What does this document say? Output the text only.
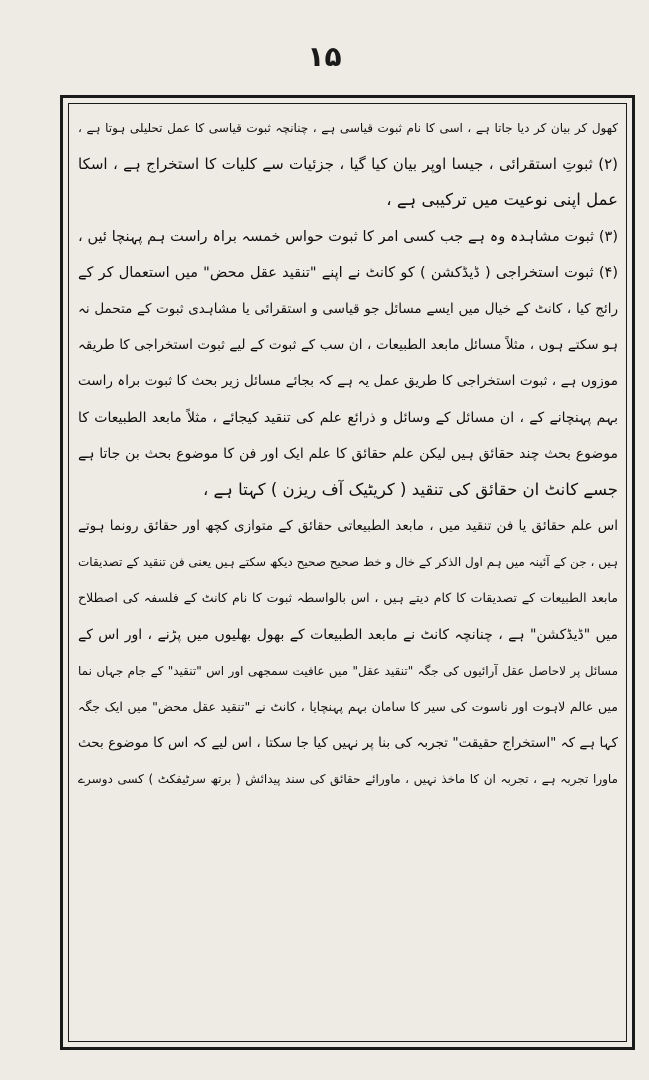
۱۵
کھول کر بیان کر دیا جاتا ہے ، اسی کا نام ثبوت قیاسی ہے ، چنانچہ ثبوت قیاسی کا عمل تحلیلی ہوتا ہے ،
(۲) ثبوتِ استقرائی ، جیسا اوپر بیان کیا گیا ، جزئیات سے کلیات کا استخراج ہے ، اسکا
عمل اپنی نوعیت میں ترکیبی ہے ،
(۳) ثبوت مشاہدہ وہ ہے جب کسی امر کا ثبوت حواس خمسہ براہ راست ہم پہنچا ئیں ،
(۴) ثبوت استخراجی ( ڈیڈکشن ) کو کانٹ نے اپنے "تنقید عقل محض" میں استعمال کر کے
رائج کیا ، کانٹ کے خیال میں ایسے مسائل جو قیاسی و استقرائی یا مشاہدی ثبوت کے متحمل نہ
ہو سکتے ہوں ، مثلاً مسائل مابعد الطبیعات ، ان سب کے ثبوت کے لیے ثبوت استخراجی کا طریقہ
موزوں ہے ، ثبوت استخراجی کا طریق عمل یہ ہے کہ بجائے مسائل زیر بحث کا ثبوت براہ راست
بہم پہنچانے کے ، ان مسائل کے وسائل و ذرائع علم کی تنقید کیجائے ، مثلاً مابعد الطبیعات کا
موضوع بحث چند حقائق ہیں لیکن علم حقائق کا علم ایک اور فن کا موضوع بحث بن جاتا ہے
جسے کانٹ ان حقائق کی تنقید ( کریٹیک آف ریزن ) کہتا ہے ،
اس علم حقائق یا فن تنقید میں ، مابعد الطبیعاتی حقائق کے متوازی کچھ اور حقائق رونما ہوتے
ہیں ، جن کے آئینہ میں ہم اول الذکر کے خال و خط صحیح صحیح دیکھ سکتے ہیں یعنی فن تنقید کے تصدیقات
مابعد الطبیعات کے تصدیقات کا کام دیتے ہیں ، اس بالواسطہ ثبوت کا نام کانٹ کے فلسفہ کی اصطلاح
میں "ڈیڈکشن" ہے ، چنانچہ کانٹ نے مابعد الطبیعات کے بھول بھلیوں میں پڑنے ، اور اس کے
مسائل پر لاحاصل عقل آرائیوں کی جگہ "تنقید عقل" میں عافیت سمجھی اور اس "تنقید" کے جام جہاں نما
میں عالم لاہوت اور ناسوت کی سیر کا سامان بہم پہنچایا ، کانٹ نے "تنقید عقل محض" میں ایک جگہ
کہا ہے کہ "استخراج حقیقت" تجربہ کی بنا پر نہیں کیا جا سکتا ، اس لیے کہ اس کا موضوع بحث
ماورا تجربہ ہے ، تجربہ ان کا ماخذ نہیں ، ماورائے حقائق کی سند پیدائش ( برتھ سرٹیفکٹ ) کسی دوسرے
